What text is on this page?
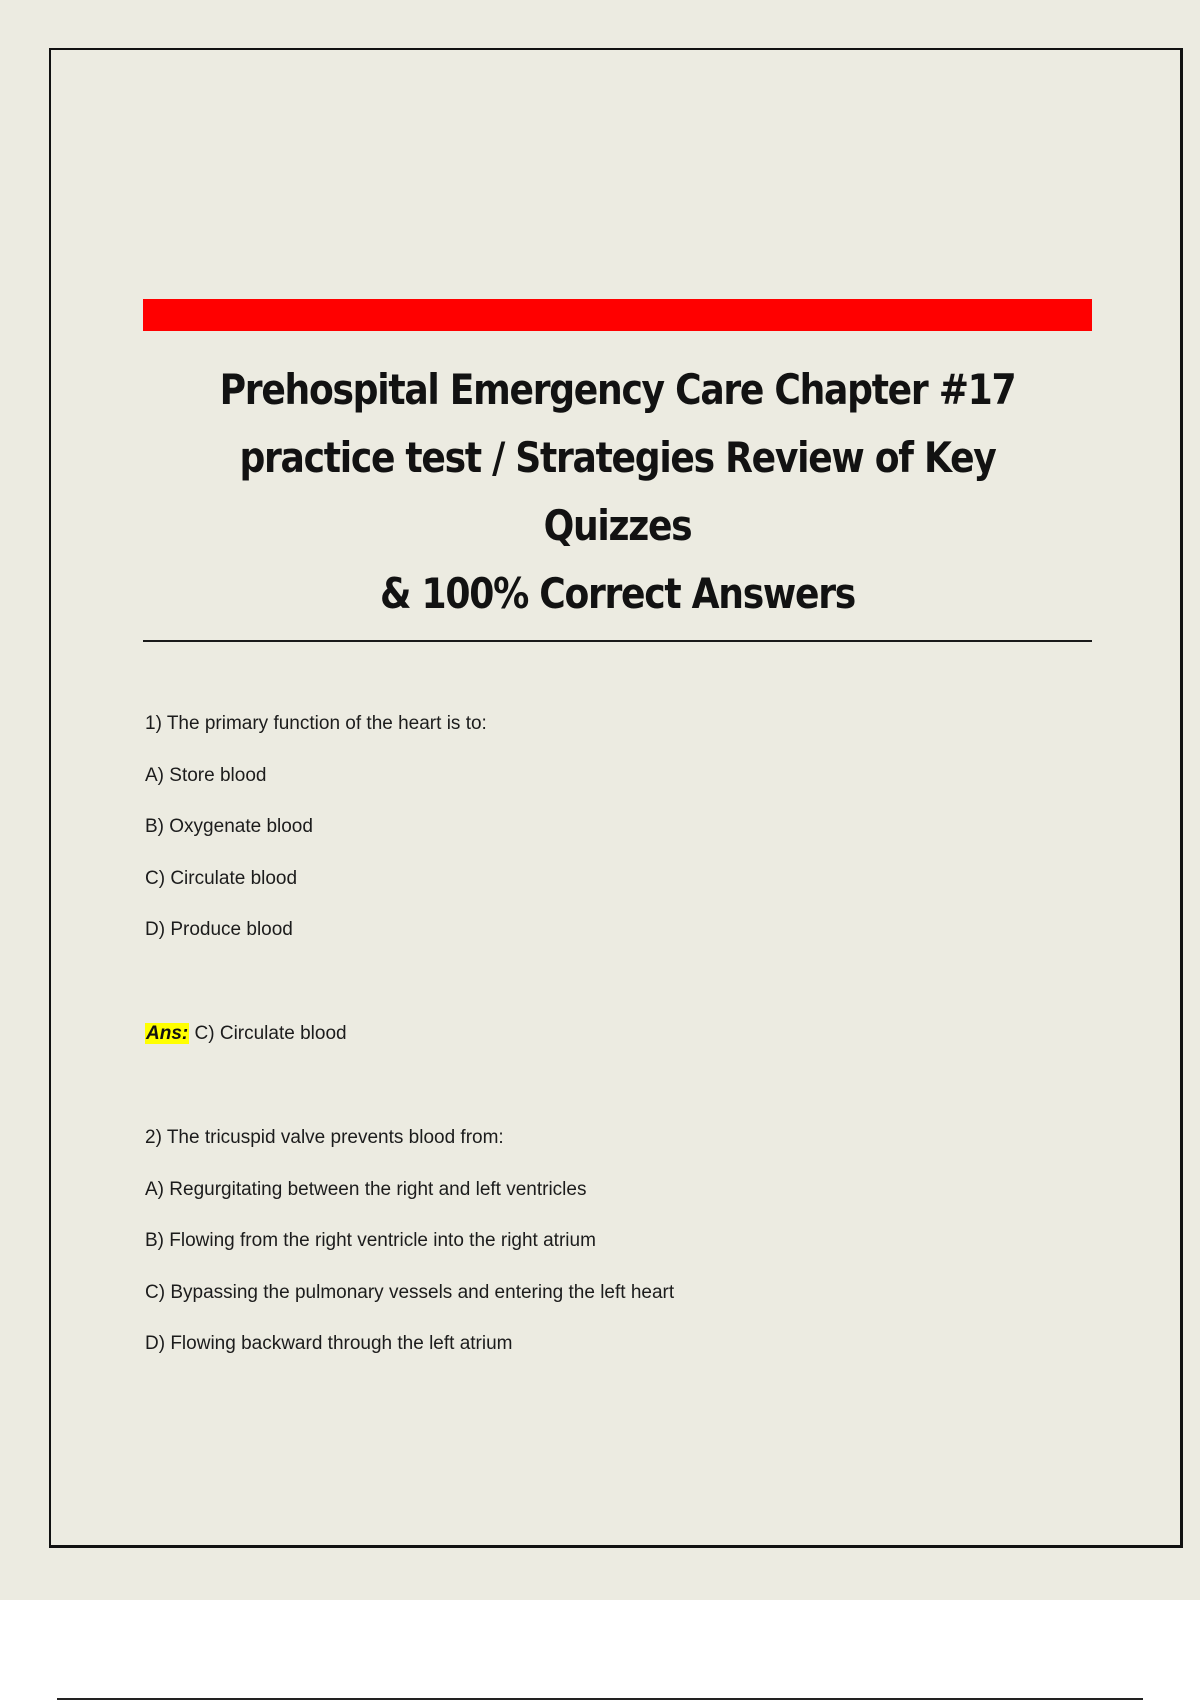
Prehospital Emergency Care Chapter #17
practice test / Strategies Review of Key Quizzes
& 100% Correct Answers

1) The primary function of the heart is to:

A) Store blood

B) Oxygenate blood

C) Circulate blood

D) Produce blood

Ans: C) Circulate blood

2) The tricuspid valve prevents blood from:

A) Regurgitating between the right and left ventricles

B) Flowing from the right ventricle into the right atrium

C) Bypassing the pulmonary vessels and entering the left heart

D) Flowing backward through the left atrium
